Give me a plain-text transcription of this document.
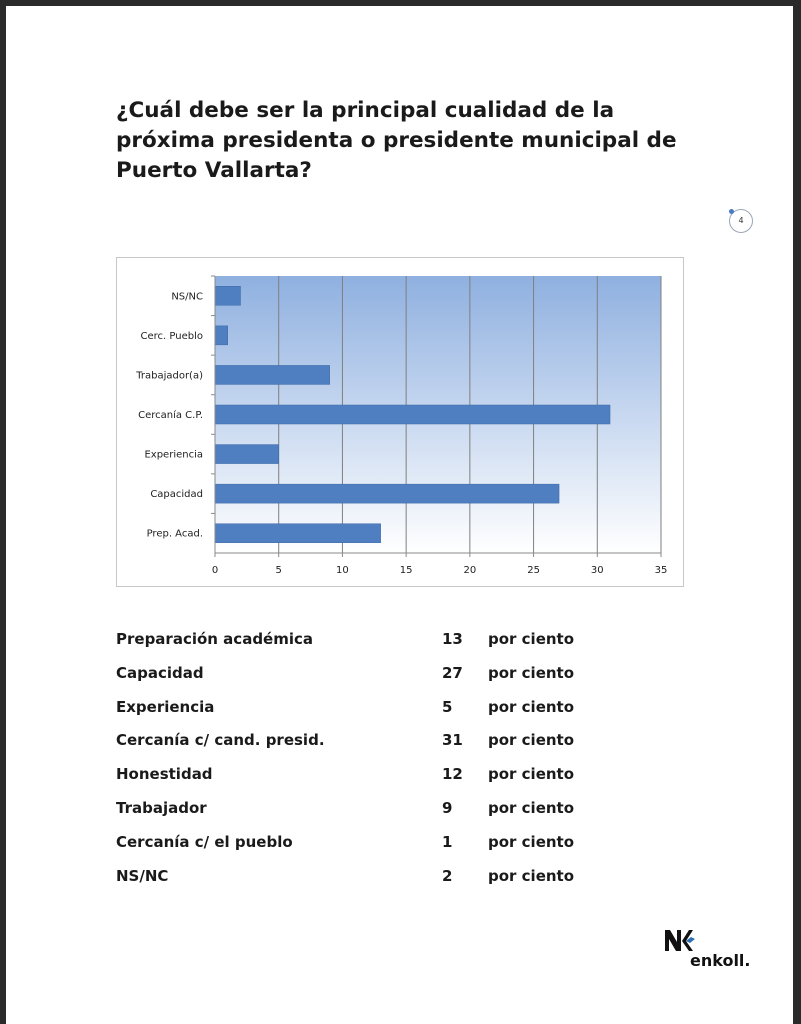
¿Cuál debe ser la principal cualidad de la próxima presidenta o presidente municipal de Puerto Vallarta?
4
NS/NC
Cerc. Pueblo
Trabajador(a)
Cercanía C.P.
Experiencia
Capacidad
Prep. Acad.
0	5	10	15	20	25	30	35
Preparación académica	13	por ciento
Capacidad	27	por ciento
Experiencia	5	por ciento
Cercanía c/ cand. presid.	31	por ciento
Honestidad	12	por ciento
Trabajador	9	por ciento
Cercanía c/ el pueblo	1	por ciento
NS/NC	2	por ciento
enkoll.
